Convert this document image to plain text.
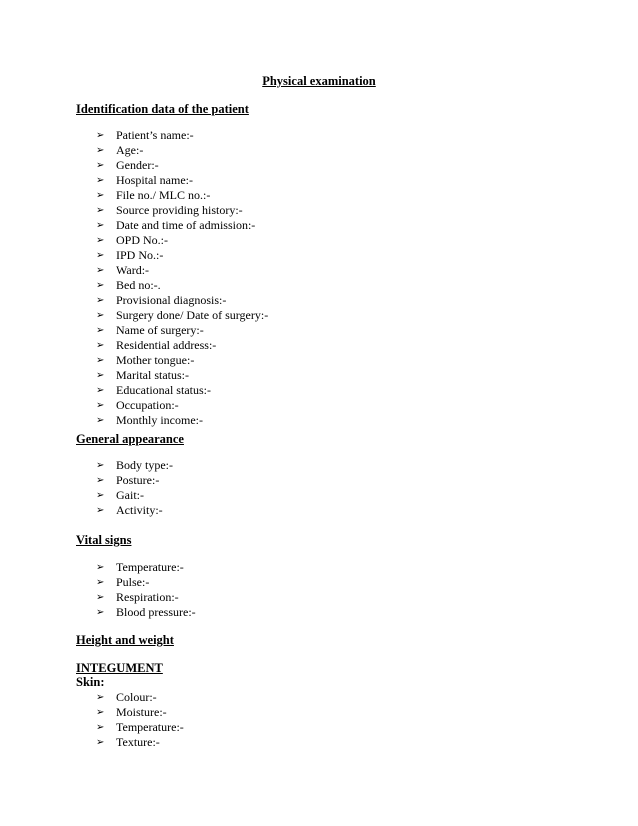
Physical examination
Identification data of the patient
➢ Patient’s name:-
➢ Age:-
➢ Gender:-
➢ Hospital name:-
➢ File no./ MLC no.:-
➢ Source providing history:-
➢ Date and time of admission:-
➢ OPD No.:-
➢ IPD No.:-
➢ Ward:-
➢ Bed no:-.
➢ Provisional diagnosis:-
➢ Surgery done/ Date of surgery:-
➢ Name of surgery:-
➢ Residential address:-
➢ Mother tongue:-
➢ Marital status:-
➢ Educational status:-
➢ Occupation:-
➢ Monthly income:-
General appearance
➢ Body type:-
➢ Posture:-
➢ Gait:-
➢ Activity:-
Vital signs
➢ Temperature:-
➢ Pulse:-
➢ Respiration:-
➢ Blood pressure:-
Height and weight
INTEGUMENT
Skin:
➢ Colour:-
➢ Moisture:-
➢ Temperature:-
➢ Texture:-
